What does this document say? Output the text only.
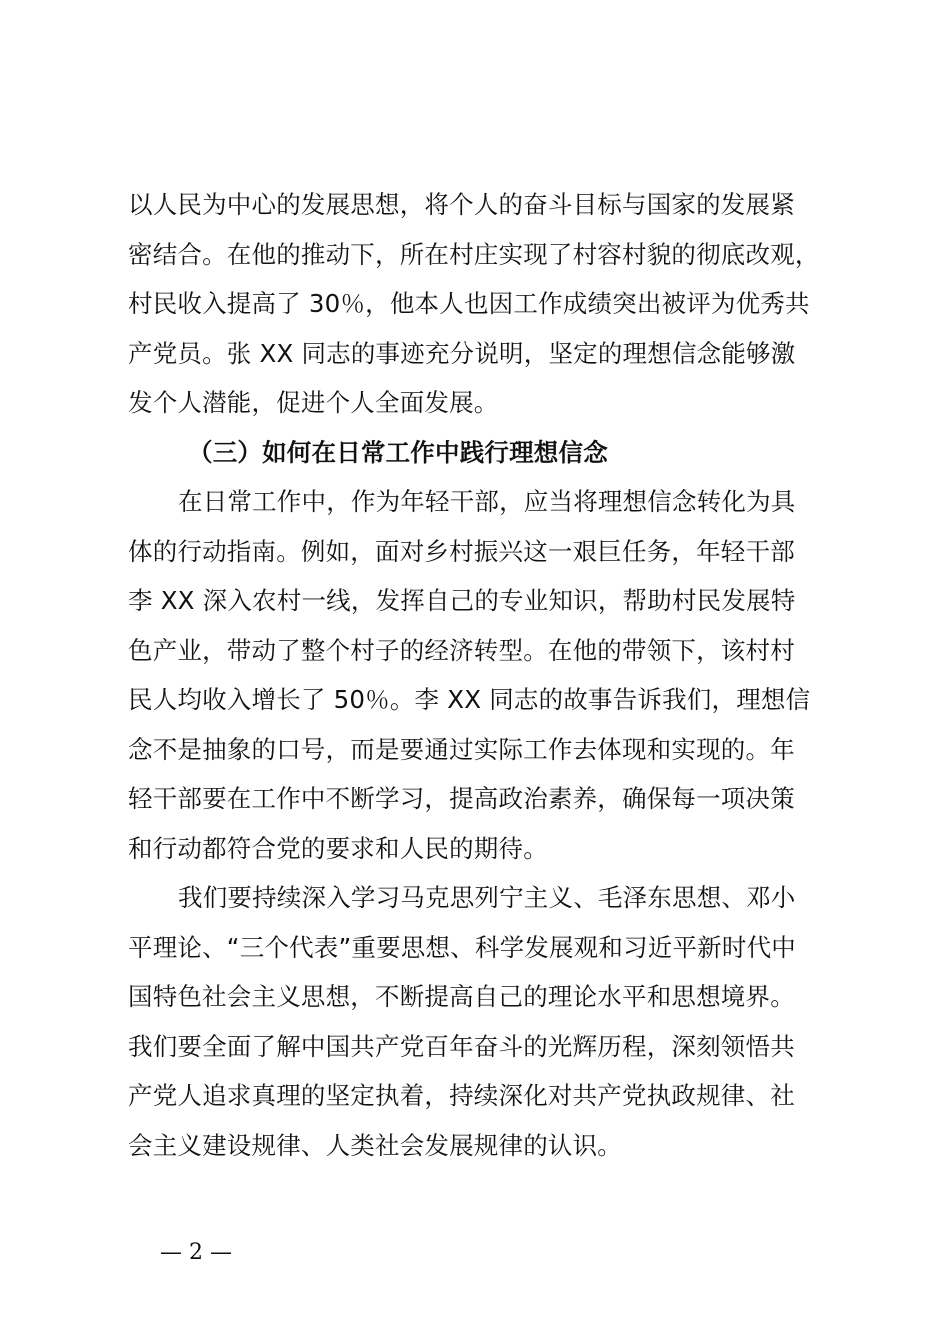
以人民为中心的发展思想，将个人的奋斗目标与国家的发展紧
密结合。在他的推动下，所在村庄实现了村容村貌的彻底改观，
村民收入提高了 30％，他本人也因工作成绩突出被评为优秀共
产党员。张 XX 同志的事迹充分说明，坚定的理想信念能够激
发个人潜能，促进个人全面发展。
（三）如何在日常工作中践行理想信念
在日常工作中，作为年轻干部，应当将理想信念转化为具
体的行动指南。例如，面对乡村振兴这一艰巨任务，年轻干部
李 XX 深入农村一线，发挥自己的专业知识，帮助村民发展特
色产业，带动了整个村子的经济转型。在他的带领下，该村村
民人均收入增长了 50％。李 XX 同志的故事告诉我们，理想信
念不是抽象的口号，而是要通过实际工作去体现和实现的。年
轻干部要在工作中不断学习，提高政治素养，确保每一项决策
和行动都符合党的要求和人民的期待。
我们要持续深入学习马克思列宁主义、毛泽东思想、邓小
平理论、“三个代表”重要思想、科学发展观和习近平新时代中
国特色社会主义思想，不断提高自己的理论水平和思想境界。
我们要全面了解中国共产党百年奋斗的光辉历程，深刻领悟共
产党人追求真理的坚定执着，持续深化对共产党执政规律、社
会主义建设规律、人类社会发展规律的认识。
— 2 —
